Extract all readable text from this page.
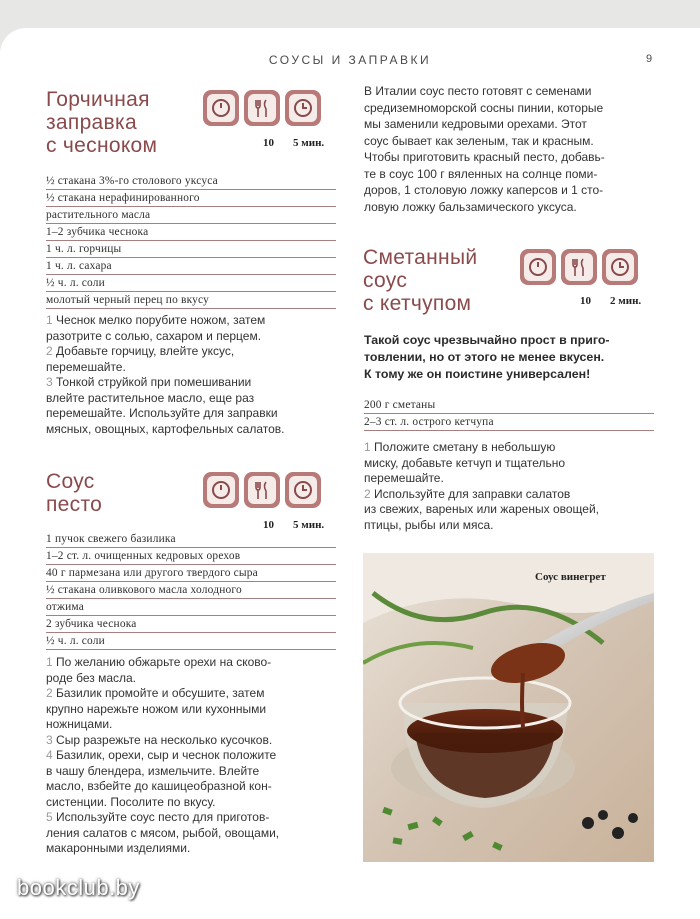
СОУСЫ И ЗАПРАВКИ	9
Горчичная
заправка
с чесноком	10 5 мин.
½ стакана 3%-го столового уксуса
½ стакана нерафинированного
растительного масла
1–2 зубчика чеснока
1 ч. л. горчицы
1 ч. л. сахара
½ ч. л. соли
молотый черный перец по вкусу

1 Чеснок мелко порубите ножом, затем
разотрите с солью, сахаром и перцем.

2 Добавьте горчицу, влейте уксус,
перемешайте.

3 Тонкой струйкой при помешивании
влейте растительное масло, еще раз
перемешайте. Используйте для заправки
мясных, овощных, картофельных салатов.

Соус
песто
10 5 мин.
1 пучок свежего базилика
1–2 ст. л. очищенных кедровых орехов
40 г пармезана или другого твердого сыра
½ стакана оливкового масла холодного
отжима
2 зубчика чеснока
½ ч. л. соли

1 По желанию обжарьте орехи на сково-
роде без масла.

2 Базилик промойте и обсушите, затем
крупно нарежьте ножом или кухонными
ножницами.

3 Сыр разрежьте на несколько кусочков.

4 Базилик, орехи, сыр и чеснок положите
в чашу блендера, измельчите. Влейте
масло, взбейте до кашицеобразной кон-
систенции. Посолите по вкусу.

5 Используйте соус песто для приготов-
ления салатов с мясом, рыбой, овощами,
макаронными изделиями.

В Италии соус песто готовят с семенами
средиземноморской сосны пинии, которые
мы заменили кедровыми орехами. Этот
соус бывает как зеленым, так и красным.
Чтобы приготовить красный песто, добавь-
те в соус 100 г вяленных на солнце поми-
доров, 1 столовую ложку каперсов и 1 сто-
ловую ложку бальзамического уксуса.
Сметанный
соус
с кетчупом	10 2 мин.
Такой соус чрезвычайно прост в приго-
товлении, но от этого не менее вкусен.
К тому же он поистине универсален!
200 г сметаны
2–3 ст. л. острого кетчупа

1 Положите сметану в небольшую
миску, добавьте кетчуп и тщательно
перемешайте.

2 Используйте для заправки салатов
из свежих, вареных или жареных овощей,
птицы, рыбы или мяса.

Соус винегрет
bookclub.by
